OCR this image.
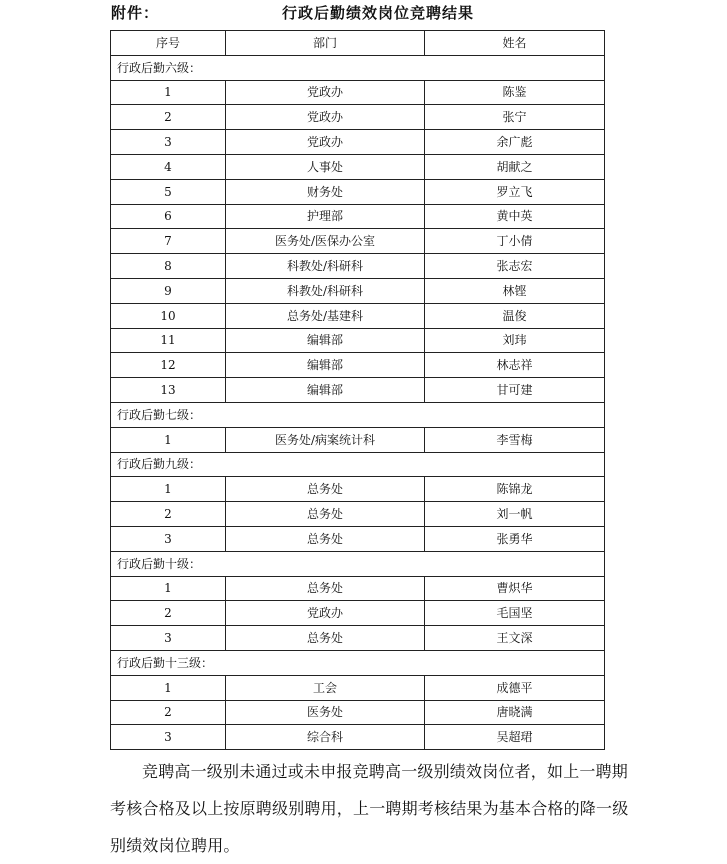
附件：	行政后勤绩效岗位竞聘结果
序号	部门	姓名
行政后勤六级：		
1	党政办	陈鉴
2	党政办	张宁
3	党政办	余广彪
4	人事处	胡献之
5	财务处	罗立飞
6	护理部	黄中英
7	医务处/医保办公室	丁小倩
8	科教处/科研科	张志宏
9	科教处/科研科	林铿
10	总务处/基建科	温俊
11	编辑部	刘玮
12	编辑部	林志祥
13	编辑部	甘可建
行政后勤七级：		
1	医务处/病案统计科	李雪梅
行政后勤九级：		
1	总务处	陈锦龙
2	总务处	刘一帆
3	总务处	张勇华
行政后勤十级：		
1	总务处	曹炽华
2	党政办	毛国坚
3	总务处	王文深
行政后勤十三级：		
1	工会	成德平
2	医务处	唐晓满
3	综合科	吴超珺

竞聘高一级别未通过或未申报竞聘高一级别绩效岗位者，如上一聘期考核合格及以上按原聘级别聘用，上一聘期考核结果为基本合格的降一级别绩效岗位聘用。
